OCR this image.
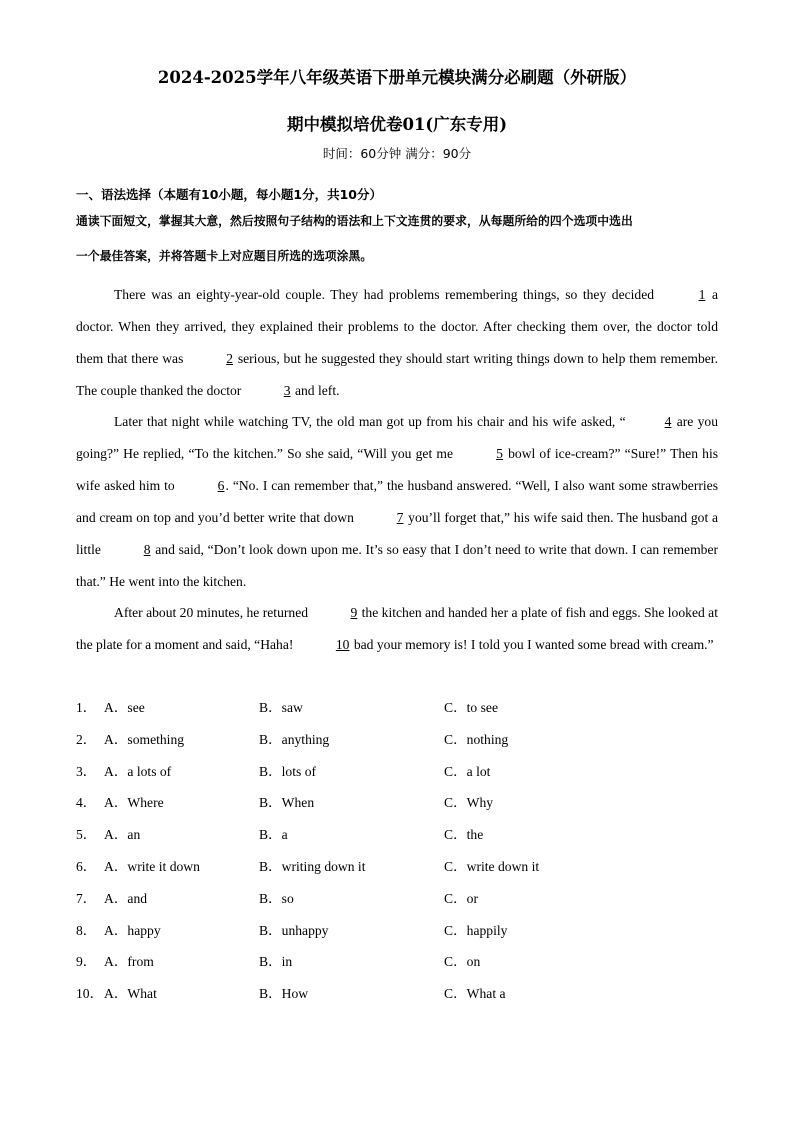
2024-2025学年八年级英语下册单元模块满分必刷题（外研版）
期中模拟培优卷01(广东专用)
时间：60分钟 满分：90分
一、语法选择（本题有10小题，每小题1分，共10分）
通读下面短文，掌握其大意，然后按照句子结构的语法和上下文连贯的要求，从每题所给的四个选项中选出
一个最佳答案，并将答题卡上对应题目所选的选项涂黑。

There was an eighty-year-old couple. They had problems remembering things, so they decided	1 a doctor. When they arrived, they explained their problems to the doctor. After checking them over, the doctor told them that there was	2 serious, but he suggested they should start writing things down to help them remember. The couple thanked the doctor	3 and left.

Later that night while watching TV, the old man got up from his chair and his wife asked, “	4 are you going?” He replied, “To the kitchen.” So she said, “Will you get me	5 bowl of ice-cream?” “Sure!” Then his wife asked him to	6. “No. I can remember that,” the husband answered. “Well, I also want some strawberries and cream on top and you’d better write that down	7 you’ll forget that,” his wife said then. The husband got a little	8 and said, “Don’t look down upon me. It’s so easy that I don’t need to write that down. I can remember that.” He went into the kitchen.

After about 20 minutes, he returned	9 the kitchen and handed her a plate of fish and eggs. She looked at the plate for a moment and said, “Haha!	10 bad your memory is! I told you I wanted some bread with cream.”

1． A．see	B．saw	C．to see
2． A．something	B．anything	C．nothing
3． A．a lots of	B．lots of	C．a lot
4． A．Where	B．When	C．Why
5． A．an	B．a	C．the
6． A．write it down	B．writing down it	C．write down it
7． A．and	B．so	C．or
8． A．happy	B．unhappy	C．happily
9． A．from	B．in	C．on
10． A．What	B．How	C．What a
